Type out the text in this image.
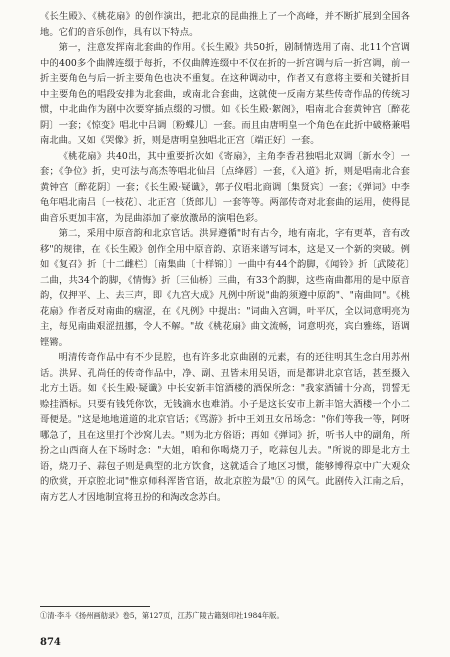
《长生殿》、《桃花扇》的创作演出，把北京的昆曲推上了一个高峰，并不断扩展到全国各地。它们的音乐创作，具有以下特点。

第一，注意发挥南北套曲的作用。《长生殿》共50折，剧制情选用了南、北11个宫调中的400多个曲牌连缀于每折，不仅曲牌连缀中不仅在折的一折宫调与后一折宫调，前一折主要角色与后一折主要角色也决不重复。在这种调动中，作者又有意将主要和关键折目中主要角色的唱段安排为北套曲，或南北合套曲，这就使一反南方某些传奇作品的传统习惯，中北曲作为剧中次要穿插点缀的习惯。如《长生殿·絮阁》，唱南北合套黄钟宫〔醉花阴〕一套；《惊变》唱北中吕调〔粉蝶儿〕一套。而且由唐明皇一个角色在此折中破格兼唱南北曲。又如《哭像》折，则是唐明皇独唱北正宫〔端正好〕一套。

《桃花扇》共40出，其中重要折次如《寄扇》，主角李香君独唱北双调〔新水令〕一套；《争位》折，史可法与高杰等唱北仙吕〔点绛唇〕一套，《入道》折，则是唱南北合套黄钟宫〔醉花阴〕一套；《长生殿·疑谶》，郭子仪唱北商调〔集贤宾〕一套；《弹词》中李龟年唱北南吕〔一枝花〕、北正宫〔货郎儿〕一套等等。两部传奇对北套曲的运用，使得昆曲音乐更加丰富，为昆曲添加了豪放激昂的演唱色彩。

第二，采用中原音韵和北京官话。洪昇遵循"时有古今，地有南北，字有更革，音有改移"的规律，在《长生殿》创作全用中原音韵、京语来谱写词本，这是又一个新的突破。例如《复召》折〔十二雌栏〕〔南集曲〔十样锦〕〕一曲中有44个韵脚，《闻铃》折〔武陵花〕二曲，共34个韵脚，《情悔》折〔三仙桥〕三曲，有33个韵脚，这些南曲都用的是中原音韵，仅押平、上、去三声，即《九宫大成》凡例中所说"曲韵须遵中原韵"、"南曲同"。《桃花扇》作者反对南曲的痼涩，在《凡例》中提出："词曲入宫调，叶平仄，全以词意明亮为主，每见南曲艰涩扭挪，令人不解。"故《桃花扇》曲文流畅，词意明亮，宾白雅练，语调铿锵。

明清传奇作品中有不少昆腔，也有许多北京曲剧的元素，有的还往明其生念白用苏州话。洪昇、孔尚任的传奇作品中，净、副、丑皆未用吴语，而是都讲北京官话，甚至摄入北方土语。如《长生殿·疑谶》中长安新丰馆酒楼的酒保所念："我家酒铺十分高，罚誓无赊挂酒标。只要有钱凭你饮，无钱滴水也难消。小子是这长安市上新丰馆大酒楼一个小二哥便是。"这是地地道道的北京官话；《骂游》折中王刘丑女吊场念："你们等我一等，阿呀哪急了，且在这里打个沙窝儿去。"则为北方俗语；再如《弹词》折，听书人中的副角，所扮之山西商人在下场时念："大姐，咱和你喝烧刀子，吃蒜包儿去。"所说的即是北方土语，烧刀子、蒜包子则是典型的北方饮食，这就适合了地区习惯，能够博得京中广大观众的欣赏，开京腔北词"惟京师科浑皆官语，故北京腔为最"① 的风气。此剧传入江南之后，南方艺人才因地制宜将丑扮的和淘改念苏白。

①清·李斗《扬州画舫录》卷5，第127页，江苏广陵古籍刻印社1984年版。
874
